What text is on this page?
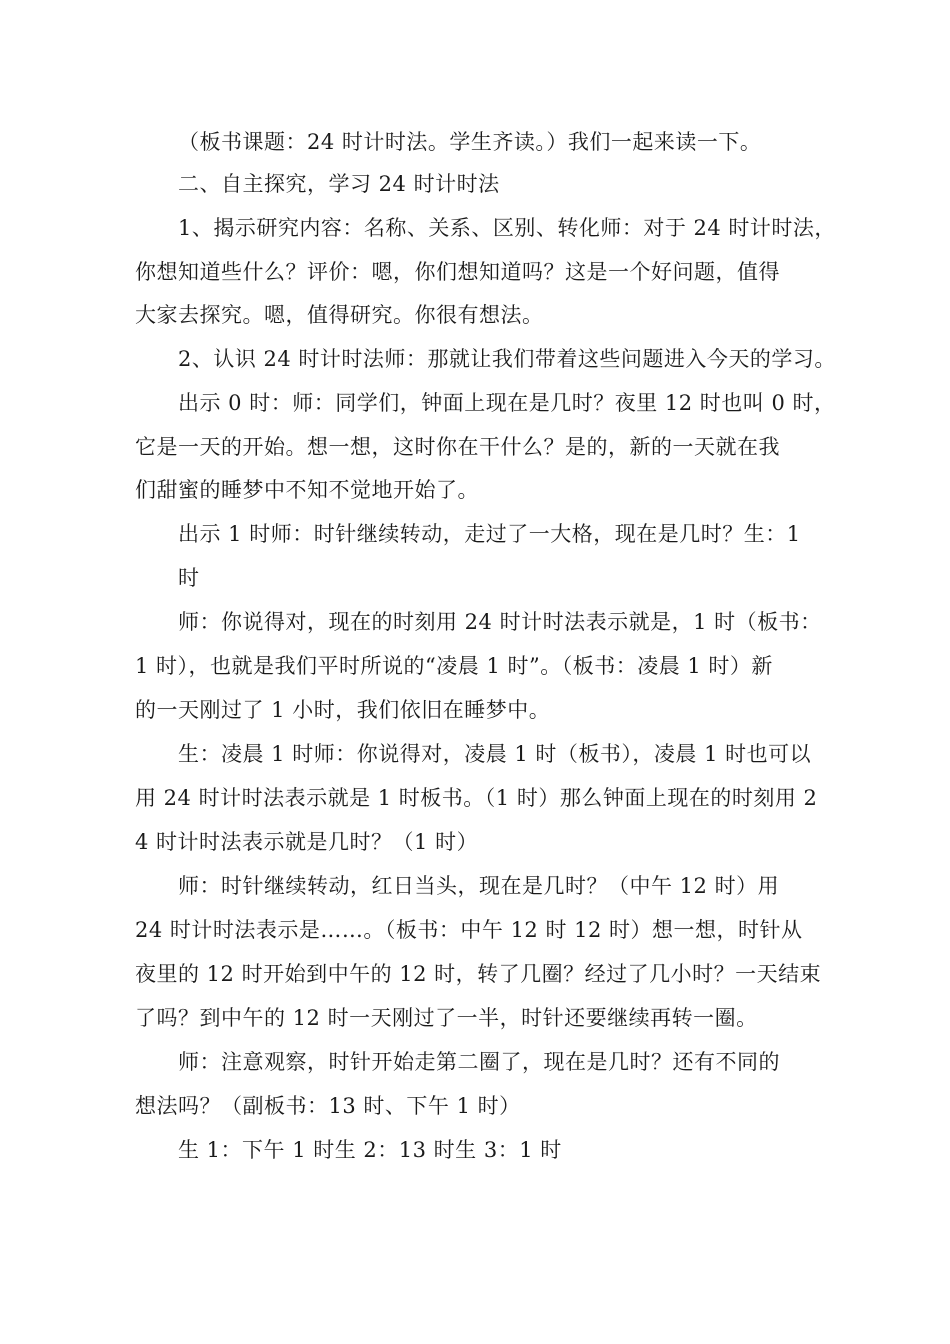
（板书课题：24 时计时法。学生齐读。）我们一起来读一下。

二、自主探究，学习 24 时计时法

1、揭示研究内容：名称、关系、区别、转化师：对于 24 时计时法，

你想知道些什么？评价：嗯，你们想知道吗？这是一个好问题，值得

大家去探究。嗯，值得研究。你很有想法。

2、认识 24 时计时法师：那就让我们带着这些问题进入今天的学习。

出示 0 时：师：同学们，钟面上现在是几时？夜里 12 时也叫 0 时，

它是一天的开始。想一想，这时你在干什么？是的，新的一天就在我

们甜蜜的睡梦中不知不觉地开始了。

出示 1 时师：时针继续转动，走过了一大格，现在是几时？生：1

时

师：你说得对，现在的时刻用 24 时计时法表示就是，1 时（板书：

1 时），也就是我们平时所说的“凌晨 1 时”。（板书：凌晨 1 时）新

的一天刚过了 1 小时，我们依旧在睡梦中。

生：凌晨 1 时师：你说得对，凌晨 1 时（板书），凌晨 1 时也可以

用 24 时计时法表示就是 1 时板书。（1 时）那么钟面上现在的时刻用 2

4 时计时法表示就是几时？（1 时）

师：时针继续转动，红日当头，现在是几时？（中午 12 时）用

24 时计时法表示是……。（板书：中午 12 时 12 时）想一想，时针从

夜里的 12 时开始到中午的 12 时，转了几圈？经过了几小时？一天结束

了吗？到中午的 12 时一天刚过了一半，时针还要继续再转一圈。

师：注意观察，时针开始走第二圈了，现在是几时？还有不同的

想法吗？（副板书：13 时、下午 1 时）

生 1：下午 1 时生 2：13 时生 3：1 时
